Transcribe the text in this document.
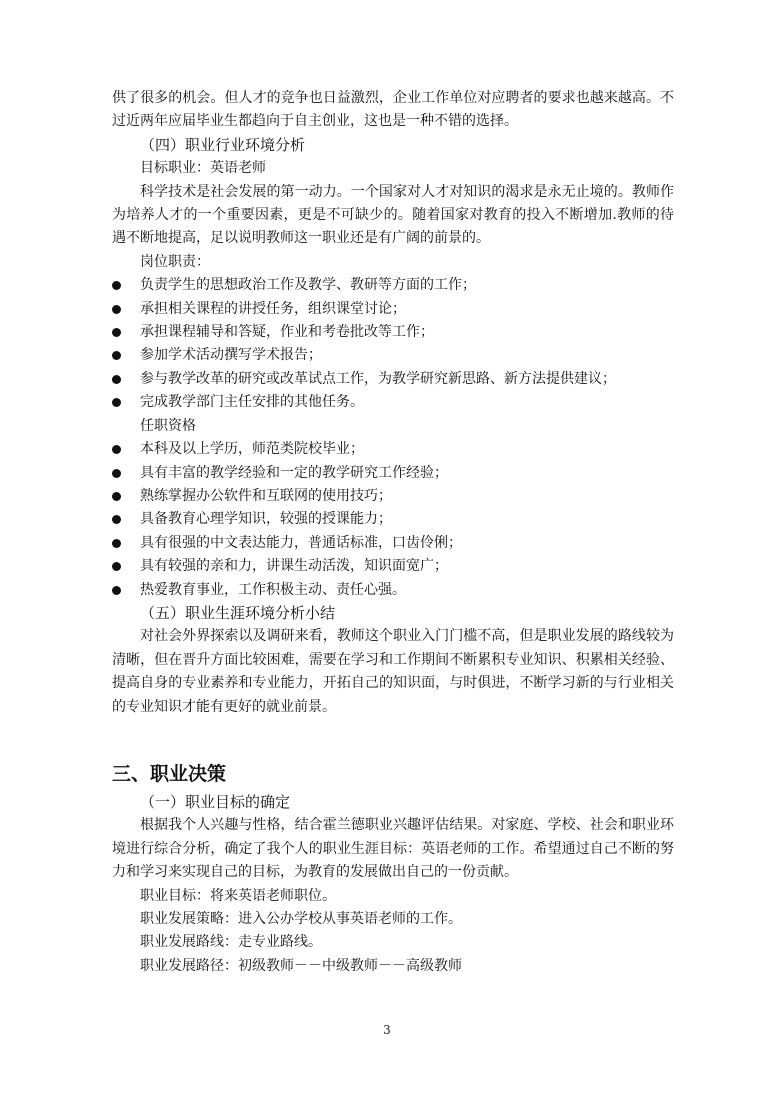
供了很多的机会。但人才的竞争也日益激烈，企业工作单位对应聘者的要求也越来越高。不过近两年应届毕业生都趋向于自主创业，这也是一种不错的选择。

（四）职业行业环境分析

目标职业：英语老师

科学技术是社会发展的第一动力。一个国家对人才对知识的渴求是永无止境的。教师作为培养人才的一个重要因素，更是不可缺少的。随着国家对教育的投入不断增加.教师的待遇不断地提高，足以说明教师这一职业还是有广阔的前景的。

岗位职责：

负责学生的思想政治工作及教学、教研等方面的工作；
承担相关课程的讲授任务，组织课堂讨论；
承担课程辅导和答疑，作业和考卷批改等工作；
参加学术活动撰写学术报告；
参与教学改革的研究或改革试点工作，为教学研究新思路、新方法提供建议；
完成教学部门主任安排的其他任务。

任职资格

本科及以上学历，师范类院校毕业；
具有丰富的教学经验和一定的教学研究工作经验；
熟练掌握办公软件和互联网的使用技巧；
具备教育心理学知识，较强的授课能力；
具有很强的中文表达能力，普通话标准，口齿伶俐；
具有较强的亲和力，讲课生动活泼，知识面宽广；
热爱教育事业，工作积极主动、责任心强。

（五）职业生涯环境分析小结

对社会外界探索以及调研来看，教师这个职业入门门槛不高，但是职业发展的路线较为清晰，但在晋升方面比较困难，需要在学习和工作期间不断累积专业知识、积累相关经验、提高自身的专业素养和专业能力，开拓自己的知识面，与时俱进，不断学习新的与行业相关的专业知识才能有更好的就业前景。

三、职业决策

（一）职业目标的确定

根据我个人兴趣与性格，结合霍兰德职业兴趣评估结果。对家庭、学校、社会和职业环境进行综合分析，确定了我个人的职业生涯目标：英语老师的工作。希望通过自己不断的努力和学习来实现自己的目标，为教育的发展做出自己的一份贡献。

职业目标：将来英语老师职位。

职业发展策略：进入公办学校从事英语老师的工作。

职业发展路线：走专业路线。

职业发展路径：初级教师－－中级教师－－高级教师

3
